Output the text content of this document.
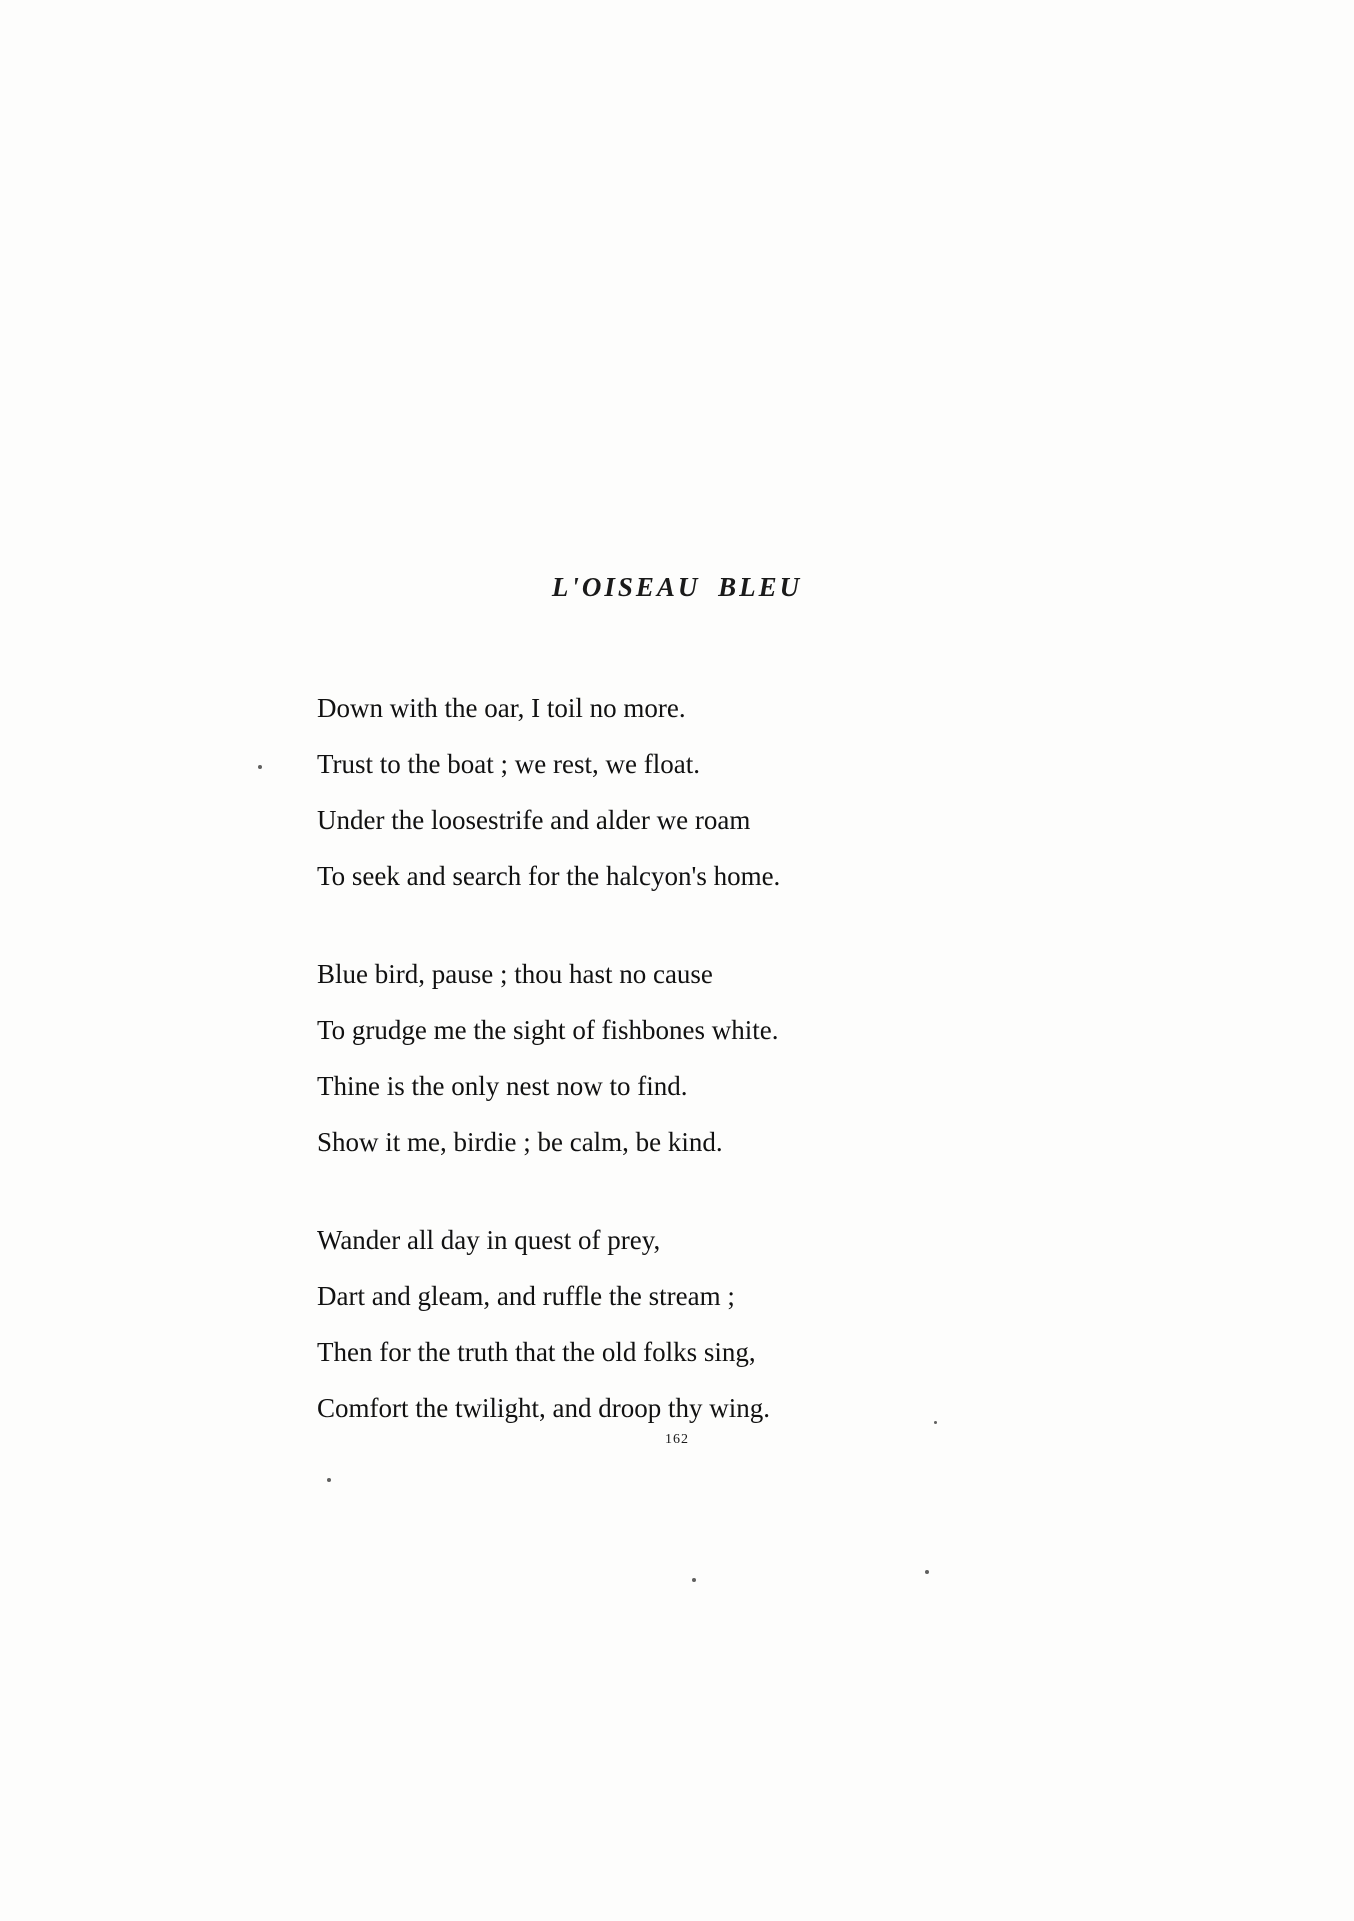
L'OISEAU BLEU
Down with the oar, I toil no more.
Trust to the boat ; we rest, we float.
Under the loosestrife and alder we roam
To seek and search for the halcyon's home.
Blue bird, pause ; thou hast no cause
To grudge me the sight of fishbones white.
Thine is the only nest now to find.
Show it me, birdie ; be calm, be kind.
Wander all day in quest of prey,
Dart and gleam, and ruffle the stream ;
Then for the truth that the old folks sing,
Comfort the twilight, and droop thy wing.
162
